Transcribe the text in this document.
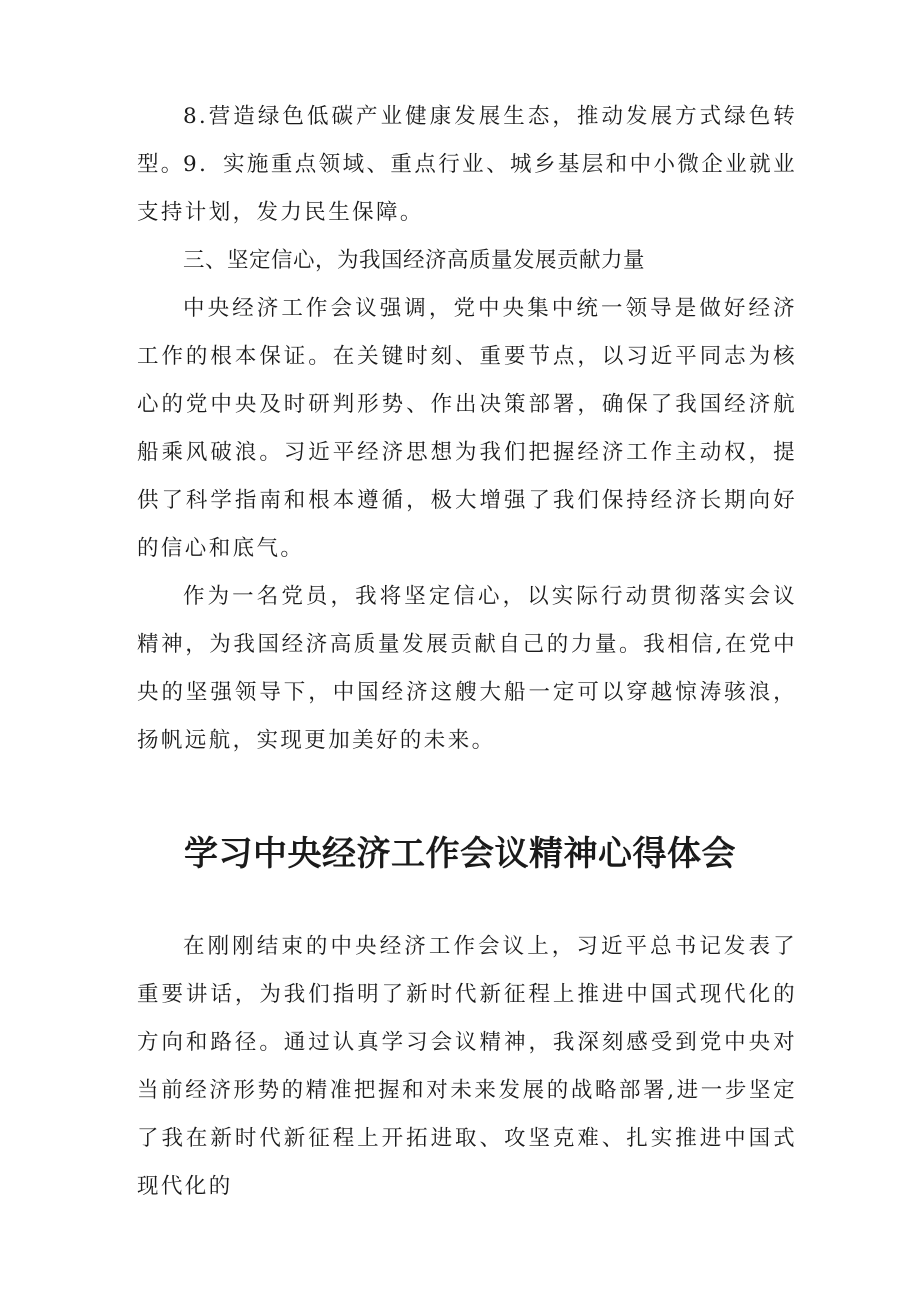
8.营造绿色低碳产业健康发展生态，推动发展方式绿色转型。

9．实施重点领域、重点行业、城乡基层和中小微企业就业支持计划，发力民生保障。

三、坚定信心，为我国经济高质量发展贡献力量

中央经济工作会议强调，党中央集中统一领导是做好经济工作的根本保证。在关键时刻、重要节点，以习近平同志为核心的党中央及时研判形势、作出决策部署，确保了我国经济航船乘风破浪。习近平经济思想为我们把握经济工作主动权，提供了科学指南和根本遵循，极大增强了我们保持经济长期向好的信心和底气。

作为一名党员，我将坚定信心，以实际行动贯彻落实会议精神，为我国经济高质量发展贡献自己的力量。我相信,在党中央的坚强领导下，中国经济这艘大船一定可以穿越惊涛骇浪，扬帆远航，实现更加美好的未来。

学习中央经济工作会议精神心得体会

在刚刚结束的中央经济工作会议上，习近平总书记发表了重要讲话，为我们指明了新时代新征程上推进中国式现代化的方向和路径。通过认真学习会议精神，我深刻感受到党中央对当前经济形势的精准把握和对未来发展的战略部署,进一步坚定了我在新时代新征程上开拓进取、攻坚克难、扎实推进中国式现代化的
